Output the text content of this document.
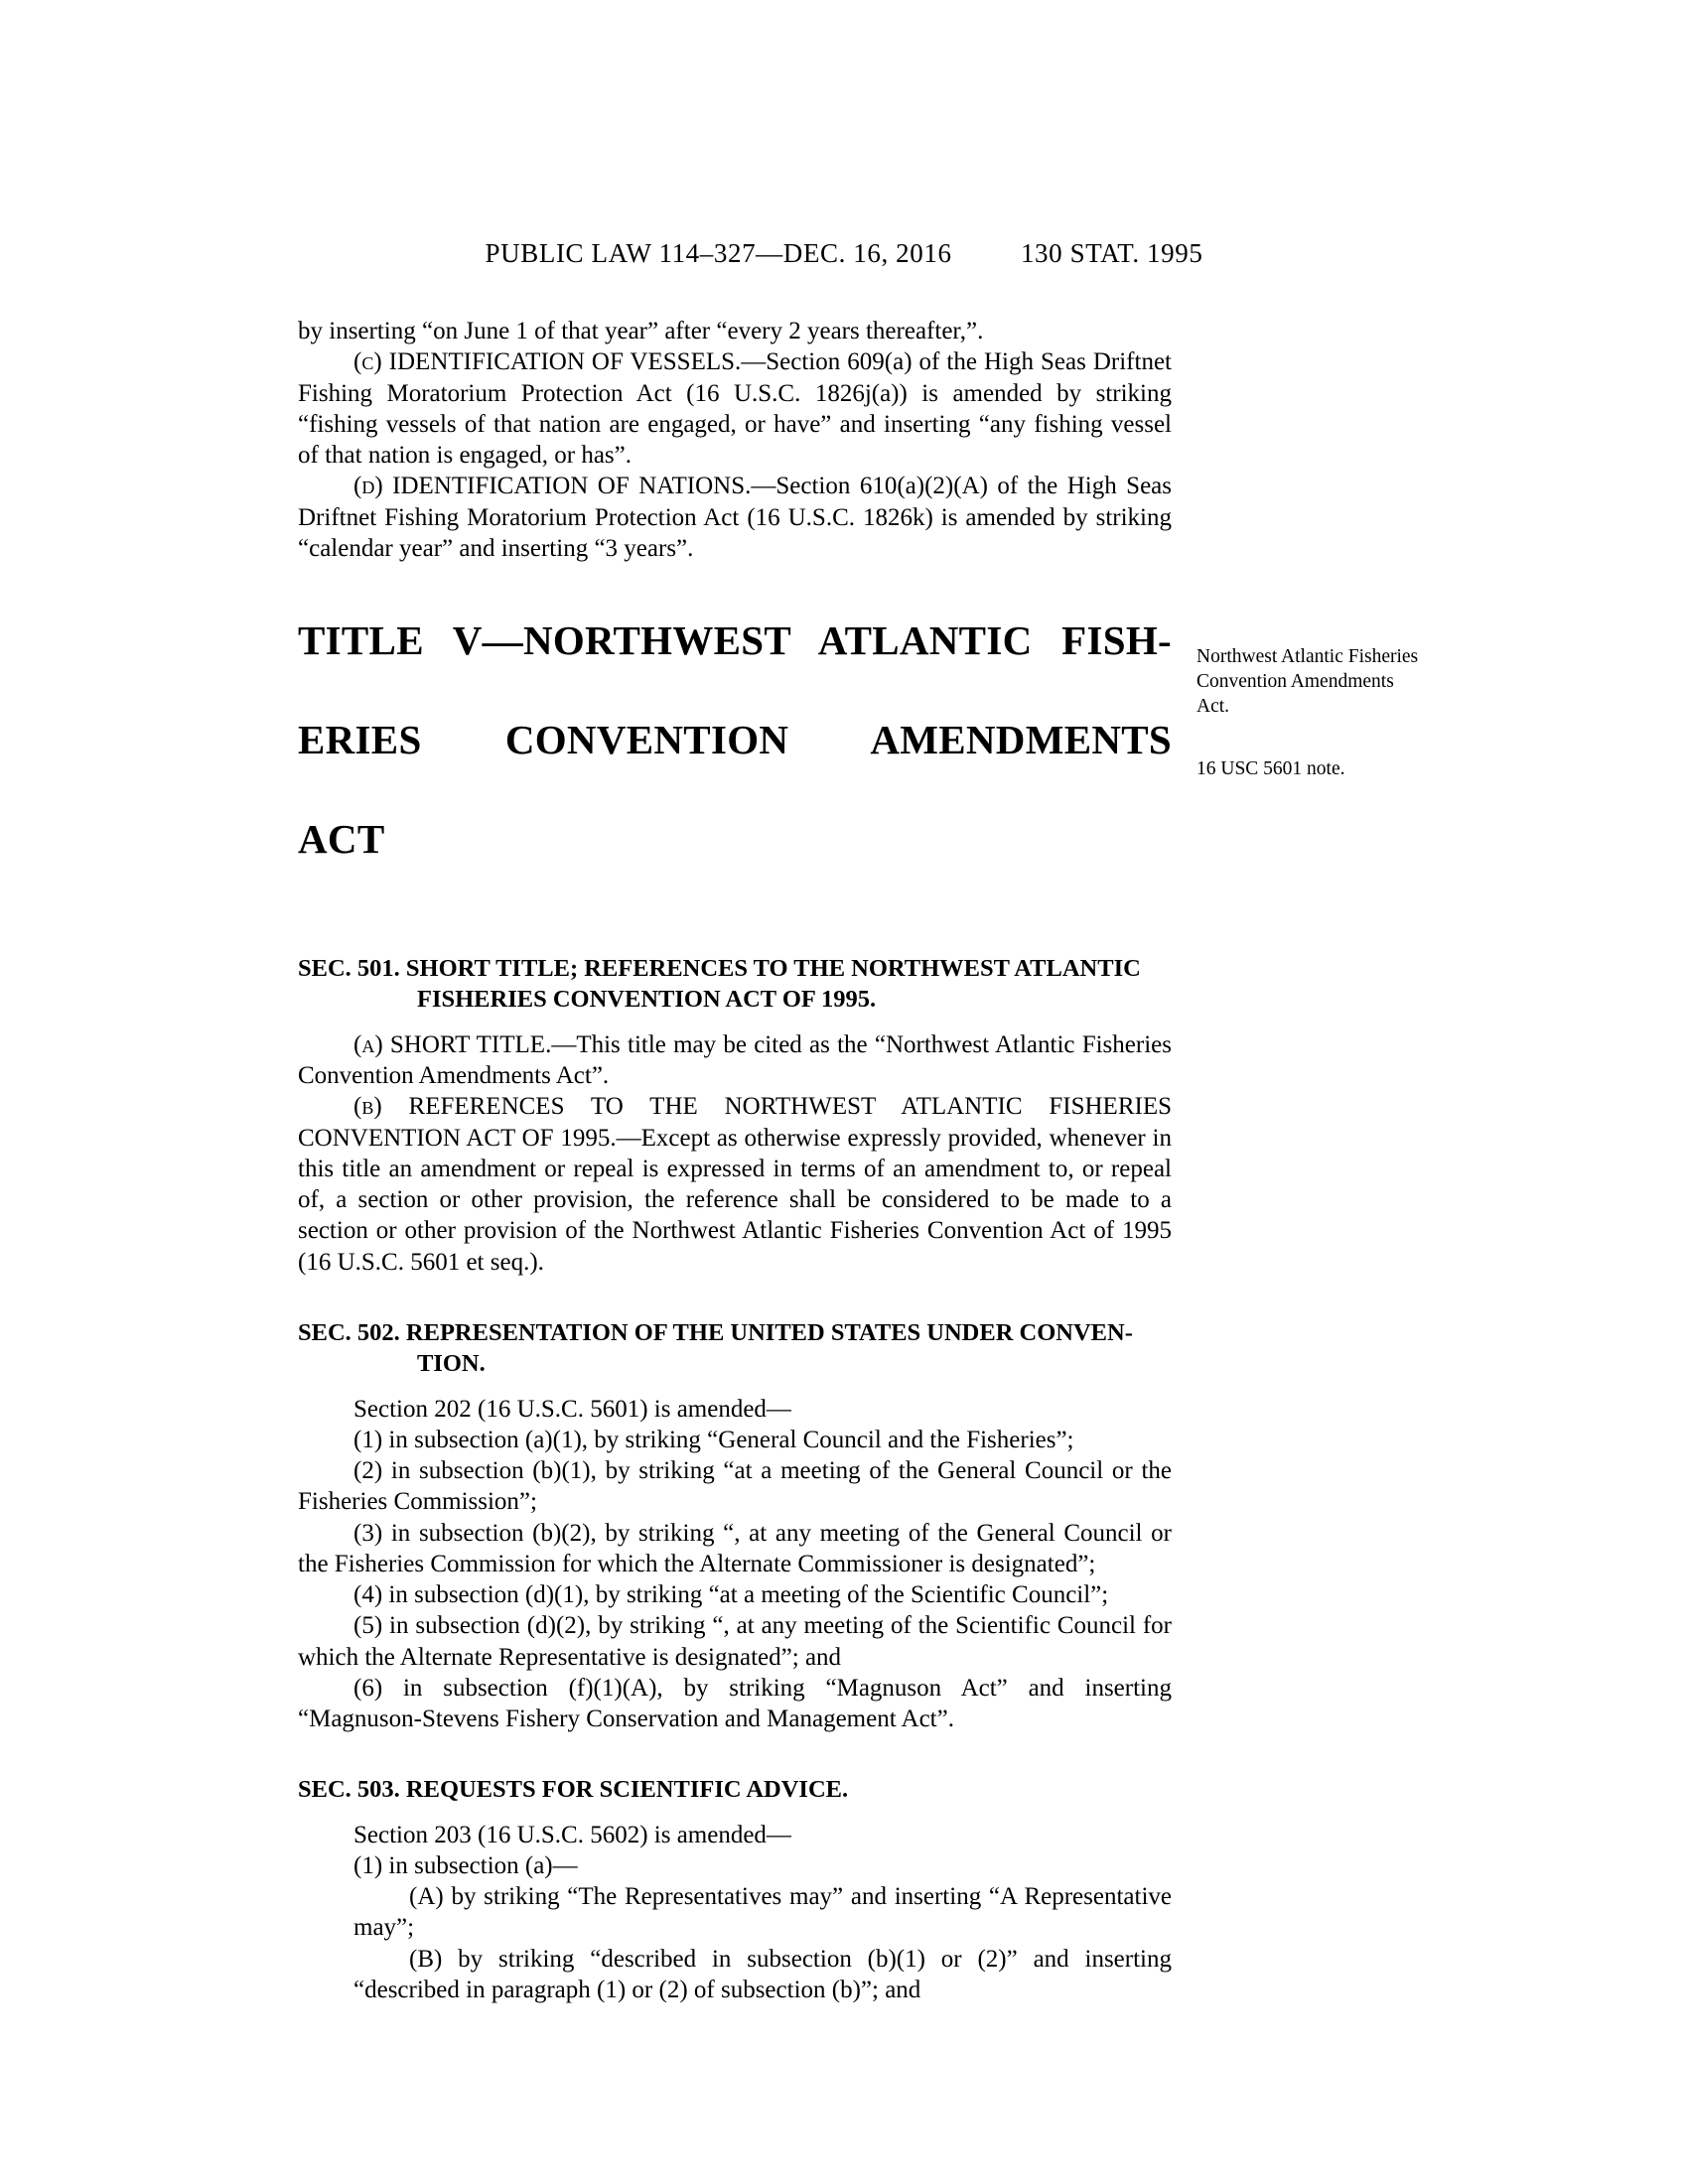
PUBLIC LAW 114–327—DEC. 16, 2016	130 STAT. 1995
Northwest Atlantic Fisheries Convention Amendments Act.
16 USC 5601 note.

by inserting “on June 1 of that year” after “every 2 years thereafter,”.

(c) IDENTIFICATION OF VESSELS.—Section 609(a) of the High Seas Driftnet Fishing Moratorium Protection Act (16 U.S.C. 1826j(a)) is amended by striking “fishing vessels of that nation are engaged, or have” and inserting “any fishing vessel of that nation is engaged, or has”.

(d) IDENTIFICATION OF NATIONS.—Section 610(a)(2)(A) of the High Seas Driftnet Fishing Moratorium Protection Act (16 U.S.C. 1826k) is amended by striking “calendar year” and inserting “3 years”.

TITLE V—NORTHWEST ATLANTIC FISH-
ERIES CONVENTION AMENDMENTS
ACT
SEC. 501. SHORT TITLE; REFERENCES TO THE NORTHWEST ATLANTIC
FISHERIES CONVENTION ACT OF 1995.

(a) SHORT TITLE.—This title may be cited as the “Northwest Atlantic Fisheries Convention Amendments Act”.

(b) REFERENCES TO THE NORTHWEST ATLANTIC FISHERIES CONVENTION ACT OF 1995.—Except as otherwise expressly provided, whenever in this title an amendment or repeal is expressed in terms of an amendment to, or repeal of, a section or other provision, the reference shall be considered to be made to a section or other provision of the Northwest Atlantic Fisheries Convention Act of 1995 (16 U.S.C. 5601 et seq.).

SEC. 502. REPRESENTATION OF THE UNITED STATES UNDER CONVEN-
TION.

Section 202 (16 U.S.C. 5601) is amended—

(1) in subsection (a)(1), by striking “General Council and the Fisheries”;

(2) in subsection (b)(1), by striking “at a meeting of the General Council or the Fisheries Commission”;

(3) in subsection (b)(2), by striking “, at any meeting of the General Council or the Fisheries Commission for which the Alternate Commissioner is designated”;

(4) in subsection (d)(1), by striking “at a meeting of the Scientific Council”;

(5) in subsection (d)(2), by striking “, at any meeting of the Scientific Council for which the Alternate Representative is designated”; and

(6) in subsection (f)(1)(A), by striking “Magnuson Act” and inserting “Magnuson-Stevens Fishery Conservation and Management Act”.

SEC. 503. REQUESTS FOR SCIENTIFIC ADVICE.

Section 203 (16 U.S.C. 5602) is amended—

(1) in subsection (a)—

(A) by striking “The Representatives may” and inserting “A Representative may”;

(B) by striking “described in subsection (b)(1) or (2)” and inserting “described in paragraph (1) or (2) of subsection (b)”; and
